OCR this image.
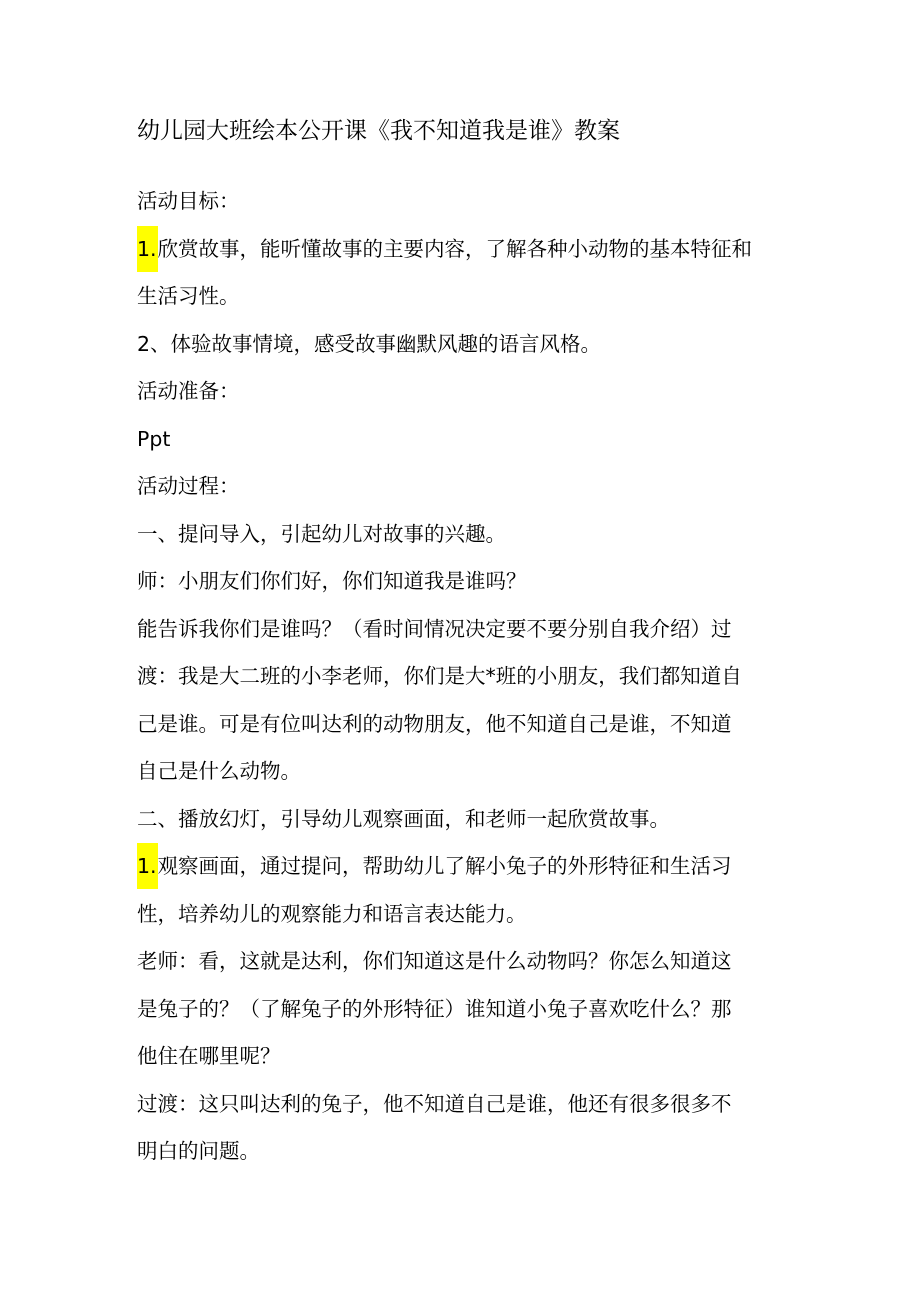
幼儿园大班绘本公开课《我不知道我是谁》教案

活动目标：

1.欣赏故事，能听懂故事的主要内容，了解各种小动物的基本特征和

生活习性。

2、体验故事情境，感受故事幽默风趣的语言风格。

活动准备：

Ppt

活动过程：

一、提问导入，引起幼儿对故事的兴趣。

师：小朋友们你们好，你们知道我是谁吗？

能告诉我你们是谁吗？（看时间情况决定要不要分别自我介绍）过

渡：我是大二班的小李老师，你们是大*班的小朋友，我们都知道自

己是谁。可是有位叫达利的动物朋友，他不知道自己是谁，不知道

自己是什么动物。

二、播放幻灯，引导幼儿观察画面，和老师一起欣赏故事。

1.观察画面，通过提问，帮助幼儿了解小兔子的外形特征和生活习

性，培养幼儿的观察能力和语言表达能力。

老师：看，这就是达利，你们知道这是什么动物吗？你怎么知道这

是兔子的？（了解兔子的外形特征）谁知道小兔子喜欢吃什么？那

他住在哪里呢？

过渡：这只叫达利的兔子，他不知道自己是谁，他还有很多很多不

明白的问题。
